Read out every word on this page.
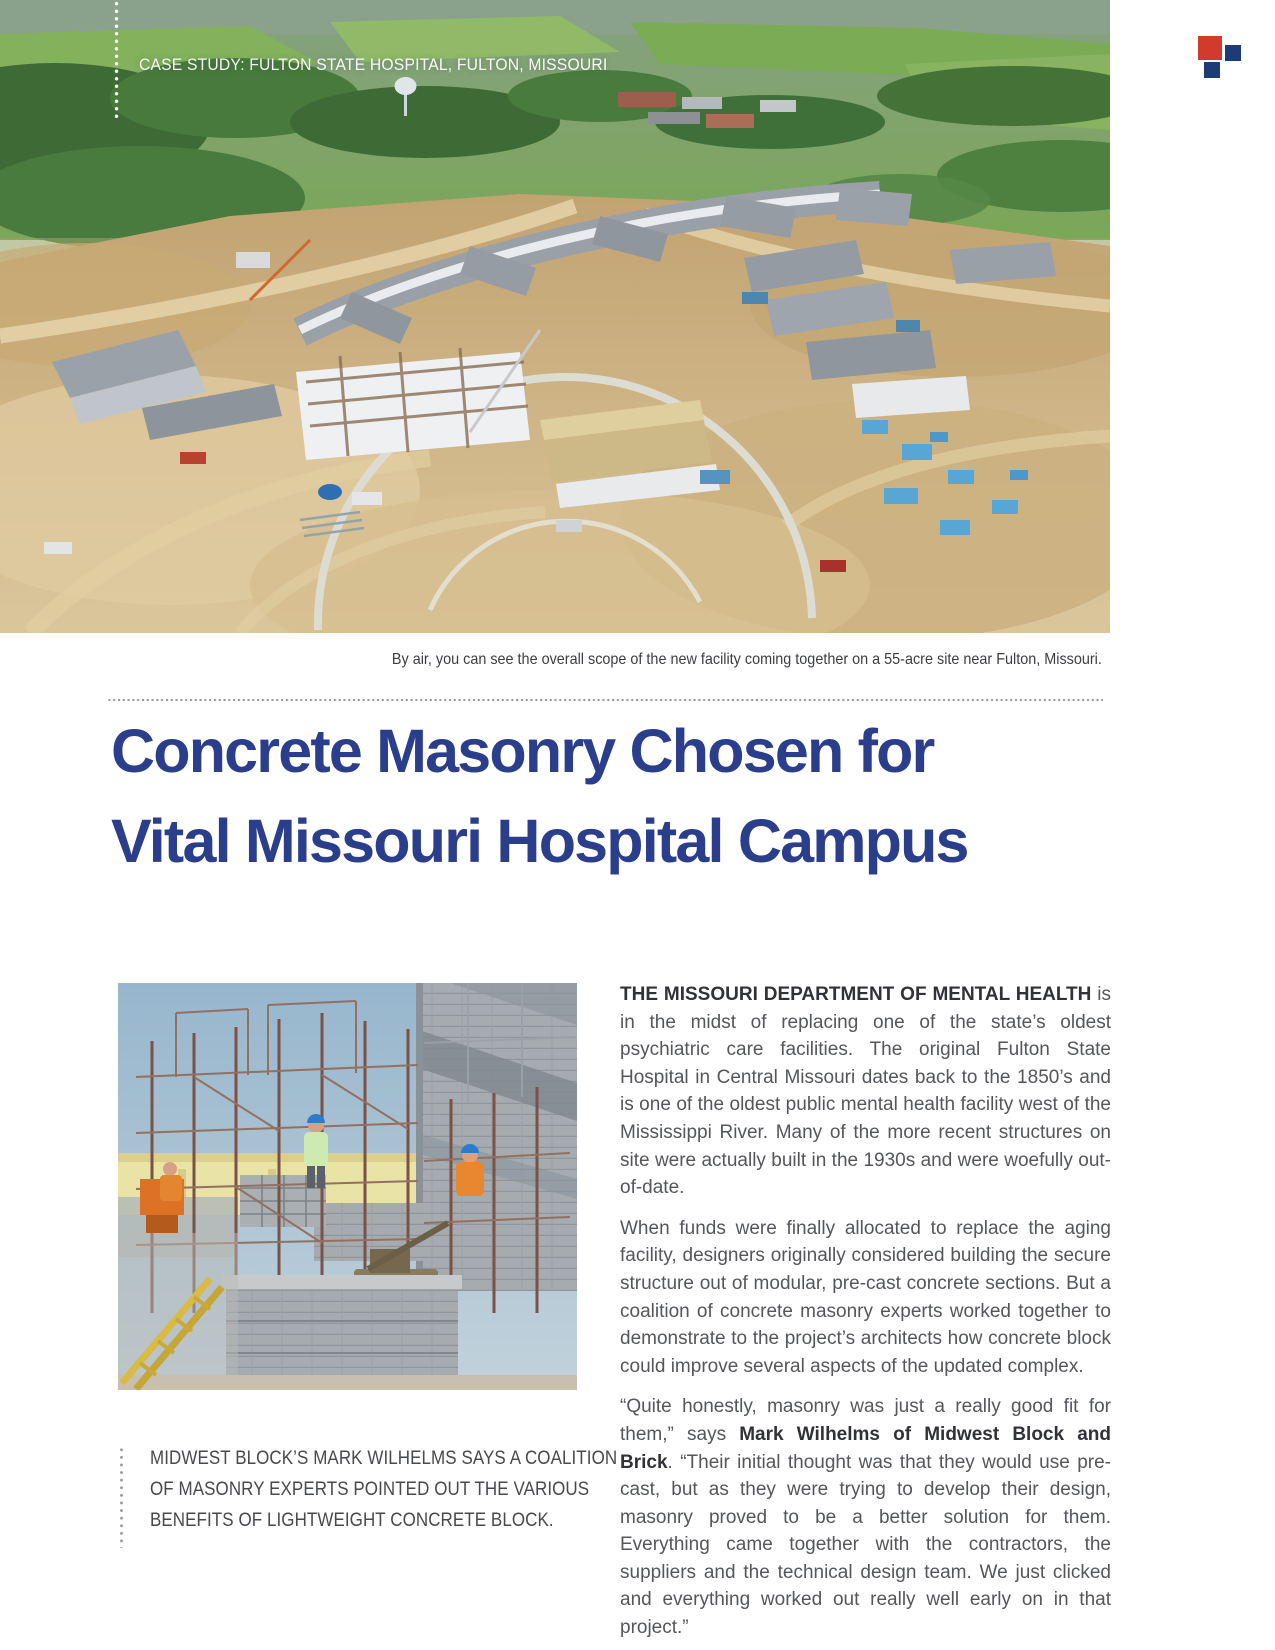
CASE STUDY: FULTON STATE HOSPITAL, FULTON, MISSOURI

By air, you can see the overall scope of the new facility coming together on a 55-acre site near Fulton, Missouri.

Concrete Masonry Chosen for
Vital Missouri Hospital Campus
MIDWEST BLOCK’S MARK WILHELMS SAYS A COALITION
OF MASONRY EXPERTS POINTED OUT THE VARIOUS
BENEFITS OF LIGHTWEIGHT CONCRETE BLOCK.

THE MISSOURI DEPARTMENT OF MENTAL HEALTH is in the midst of replacing one of the state’s oldest psychiatric care facilities. The original Fulton State Hospital in Central Missouri dates back to the 1850’s and is one of the oldest public mental health facility west of the Mississippi River. Many of the more recent structures on site were actually built in the 1930s and were woefully out-of-date.

When funds were finally allocated to replace the aging facility, designers originally considered building the secure structure out of modular, pre-cast concrete sections. But a coalition of concrete masonry experts worked together to demonstrate to the project’s architects how concrete block could improve several aspects of the updated complex.

“Quite honestly, masonry was just a really good fit for them,” says Mark Wilhelms of Midwest Block and Brick. “Their initial thought was that they would use pre-cast, but as they were trying to develop their design, masonry proved to be a better solution for them. Everything came together with the contractors, the suppliers and the technical design team. We just clicked and everything worked out really well early on in that project.”
